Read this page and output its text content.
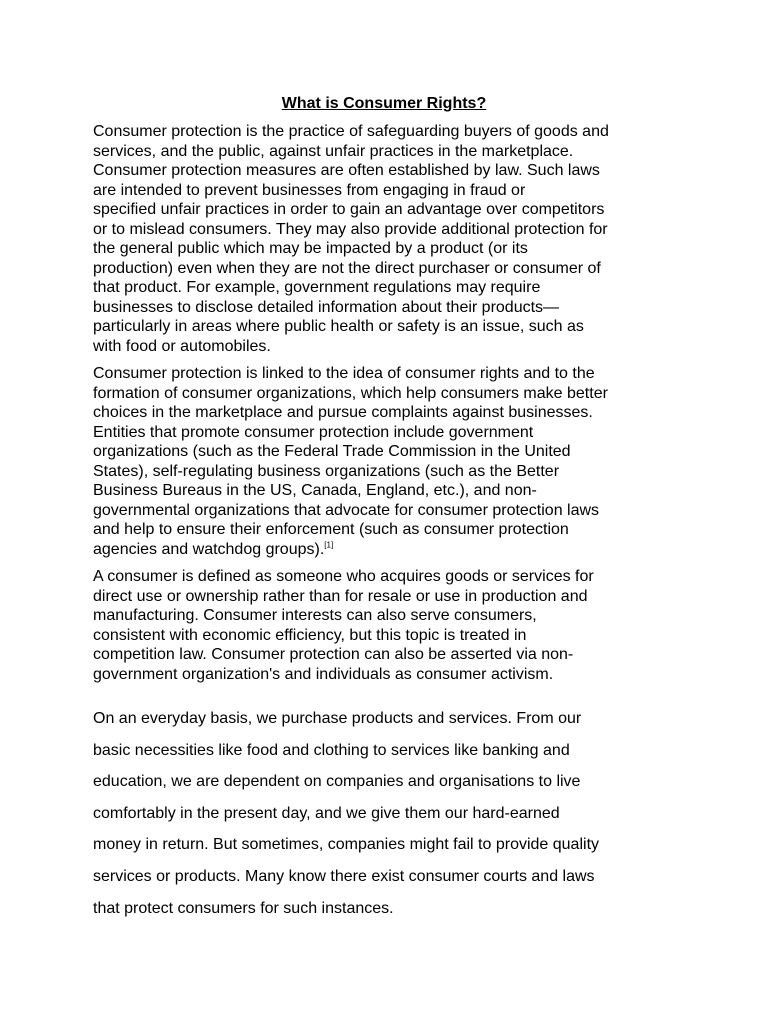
What is Consumer Rights?

Consumer protection is the practice of safeguarding buyers of goods and
services, and the public, against unfair practices in the marketplace.
Consumer protection measures are often established by law. Such laws
are intended to prevent businesses from engaging in fraud or
specified unfair practices in order to gain an advantage over competitors
or to mislead consumers. They may also provide additional protection for
the general public which may be impacted by a product (or its
production) even when they are not the direct purchaser or consumer of
that product. For example, government regulations may require
businesses to disclose detailed information about their products—
particularly in areas where public health or safety is an issue, such as
with food or automobiles.

Consumer protection is linked to the idea of consumer rights and to the
formation of consumer organizations, which help consumers make better
choices in the marketplace and pursue complaints against businesses.
Entities that promote consumer protection include government
organizations (such as the Federal Trade Commission in the United
States), self-regulating business organizations (such as the Better
Business Bureaus in the US, Canada, England, etc.), and non-
governmental organizations that advocate for consumer protection laws
and help to ensure their enforcement (such as consumer protection
agencies and watchdog groups).[1]

A consumer is defined as someone who acquires goods or services for
direct use or ownership rather than for resale or use in production and
manufacturing. Consumer interests can also serve consumers,
consistent with economic efficiency, but this topic is treated in
competition law. Consumer protection can also be asserted via non-
government organization's and individuals as consumer activism.

On an everyday basis, we purchase products and services. From our
basic necessities like food and clothing to services like banking and
education, we are dependent on companies and organisations to live
comfortably in the present day, and we give them our hard-earned
money in return. But sometimes, companies might fail to provide quality
services or products. Many know there exist consumer courts and laws
that protect consumers for such instances.
